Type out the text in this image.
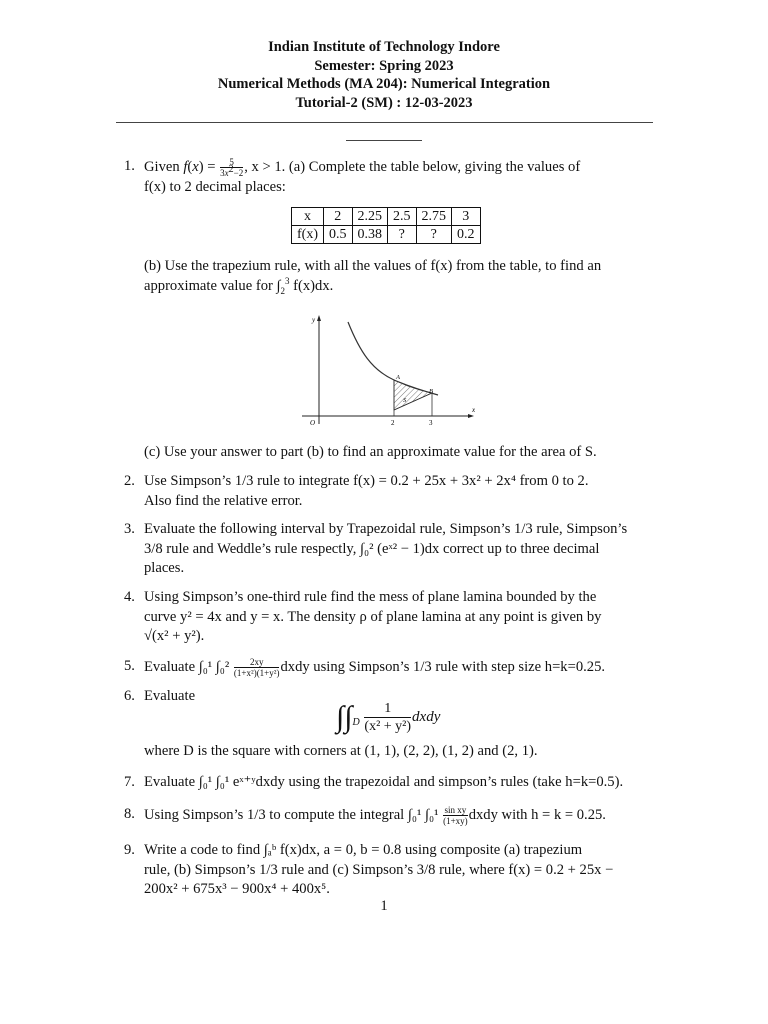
Indian Institute of Technology Indore
Semester: Spring 2023
Numerical Methods (MA 204): Numerical Integration
Tutorial-2 (SM) : 12-03-2023
1. Given $f(x) = \frac{5}{3x^2-2}$ , x > 1. (a) Complete the table below, giving the values of
f(x) to 2 decimal places:
x	2	2.25	2.5	2.75	3
f(x)	0.5	0.38	?	?	0.2
(b) Use the trapezium rule, with all the values of f(x) from the table, to find an
approximate value for $\int_2^3$ f(x)dx.
y
x
O	2	3
A
B
S
(c) Use your answer to part (b) to find an approximate value for the area of S.
2. Use Simpson’s 1/3 rule to integrate f(x) = 0.2 + 25x + 3x² + 2x⁴ from 0 to 2.
Also find the relative error.
3. Evaluate the following interval by Trapezoidal rule, Simpson’s 1/3 rule, Simpson’s
3/8 rule and Weddle’s rule respectly, ∫₀² (eˣ² − 1)dx correct up to three decimal
places.
4. Using Simpson’s one-third rule find the mess of plane lamina bounded by the
curve y² = 4x and y = x. The density ρ of plane lamina at any point is given by
√(x² + y²).
5. Evaluate ∫₀¹ $\int_0^2 \frac{2xy}{\text{(1+x²)(1+y²)}}$ dxdy using Simpson’s 1/3 rule with step size h=k=0.25.
6. Evaluate
$\int\int_D \frac{1}{\text{(x² + y²)}}$ dxdy
where D is the square with corners at (1, 1), (2, 2), (1, 2) and (2, 1).
7. Evaluate ∫₀¹ ∫₀¹ eˣ⁺ʸdxdy using the trapezoidal and simpson’s rules (take h=k=0.5).
8. Using Simpson’s 1/3 to compute the integral ∫₀¹ $\int_0^1 \frac{\text{sin xy}}{(1+xy)}$ dxdy with h = k = 0.25.
9. Write a code to find ∫ₐᵇ f(x)dx, a = 0, b = 0.8 using composite (a) trapezium
rule, (b) Simpson’s 1/3 rule and (c) Simpson’s 3/8 rule, where f(x) = 0.2 + 25x −
200x² + 675x³ − 900x⁴ + 400x⁵.
1
